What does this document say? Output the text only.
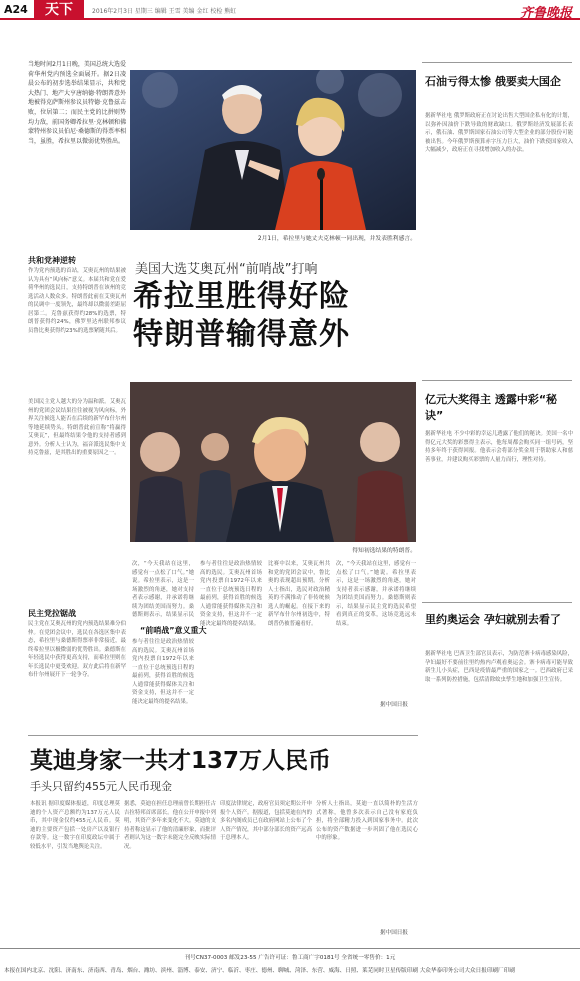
A24	天下	2016年2月3日 星期三 编辑 王雪 美编 金红 校检 熊虹	齐鲁晚报
当地时间2月1日晚，美国总统大选爱荷华州党内预选全面展开。据2日凌晨公布的初步选举结果显示，共和党大热门、地产大亨唐纳德·特朗普意外地被得克萨斯州参议员特德·克鲁兹击败，位居第二；而民主党的比拼则势均力敌，前国务卿希拉里·克林顿和佛蒙特州参议员伯尼·桑德斯的得票率相当，虽胜，希拉里以微弱优势胜出。
2月1日，希拉里与她丈夫克林顿一同出现，并发表胜利感言。
美国大选艾奥瓦州“前哨战”打响
希拉里胜得好险
特朗普输得意外
共和党神逆转
作为党内预选的首站，艾奥瓦州的结果被认为具有“风向标”意义。本届共和党在爱荷华州的选民日，支持特朗普在该州的竞选活动人数众多。特朗普此前在艾奥瓦州的民调中一度领先，最终却以微弱差距屈居第二。克鲁兹获得约28%的选票，特朗普获得约24%，佛罗里达州联邦参议员鲁比奥获得约23%的选票紧随其后。
美国民主党人越大的分为温和派。艾奥瓦州的党团会议结果往往被视为风向标，外界关注候选人能否在后续的新罕布什尔州等地延续势头。特朗普此前宣称“将赢得艾奥瓦”，但最终结果令他的支持者感到意外。分析人士认为，福音派选民集中支持克鲁兹，是其胜出的重要原因之一。
民主党拉锯战
民主党在艾奥瓦州的党内预选结果难分伯仲。在党团会议中，选民在各选区集中表态，希拉里与桑德斯得票率非常接近，最终希拉里以极微弱的优势胜出。桑德斯在年轻选民中获得更高支持，而希拉里则在年长选民中更受欢迎。双方此后将在新罕布什尔州展开下一轮争夺。
得知初选结果的特朗普。
次，“今天我站在这里，感觉有一点松了口气。”她说。希拉里表示，这是一场激烈的角逐，她对支持者表示感谢，并承诺将继续为团结美国而努力。桑德斯则表示，结果显示民
“前哨战”意义重大
参与者往往是政治热情较高的选民。艾奥瓦州首场党内投票自1972年以来一直位于总统预选日程的最前列，获得首胜的候选人通常能获得媒体关注和资金支持，但这并不一定能决定最终的提名结果。
参与者往往是政治热情较高的选民。艾奥瓦州首场党内投票自1972年以来一直位于总统预选日程的最前列，获得首胜的候选人通常能获得媒体关注和资金支持，但这并不一定能决定最终的提名结果。
比赛中以来，艾奥瓦州共和党的党团会议中，鲁比奥的表现超出预期。分析人士指出，选民对政治精英的不满推动了非传统候选人的崛起。在接下来的新罕布什尔州初选中，特朗普仍被普遍看好。
次，“今天我站在这里，感觉有一点松了口气。”她说。希拉里表示，这是一场激烈的角逐，她对支持者表示感谢，并承诺将继续为团结美国而努力。桑德斯则表示，结果显示民主党的选民希望看到真正的变革，这场竞选远未结束。
据中国日报
石油亏得太惨 俄要卖大国企
据新华社电 俄罗斯政府正在讨论出售大型国企私有化的计划，以弥补因油价下跌导致的财政缺口。俄罗斯经济发展部长表示，俄石油、俄罗斯国家石油公司等大型企业的部分股份可能被出售。今年俄罗斯预算赤字压力巨大，油价下跌使国家收入大幅减少，政府正在寻找增加收入的办法。
亿元大奖得主 透露中彩“秘诀”
据新华社电 不少中彩的幸运儿透露了他们的秘诀。美国一名中得亿元大奖的彩票得主表示，他每周都会购买同一组号码，坚持多年终于获得回报。他表示会将部分奖金用于帮助家人和慈善事业，并建议购买彩票的人量力而行，理性对待。
里约奥运会 孕妇就别去看了
据新华社电 巴西卫生部官员表示，为防范寨卡病毒感染风险，孕妇最好不要前往里约热内卢观看奥运会。寨卡病毒可能导致新生儿小头症，巴西是疫情最严重的国家之一。巴西政府已采取一系列防控措施，包括清除蚊虫孳生地和加强卫生宣传。
莫迪身家一共才137万人民币
手头只留约455元人民币现金
本报讯 据印度媒体报道，印度总理莫迪的个人资产总额约为137万元人民币，其中现金仅约455元人民币。莫迪的主要资产包括一处房产以及银行存款等。这一数字在印度政坛中属于较低水平，引发当地舆论关注。
据悉，莫迪在担任总理前曾长期担任古吉拉特邦首席部长。他在公开申报中列明，其资产多年来变化不大。莫迪的支持者称这显示了他的清廉形象，而批评者则认为这一数字未能完全反映实际情况。
印度法律规定，政府官员须定期公开申报个人资产。据报道，包括莫迪在内的多名内阁成员已在政府网站上公布了个人资产情况，其中部分部长的资产远高于总理本人。
分析人士指出，莫迪一直以简朴的生活方式著称，他曾多次表示自己没有家庭负担，将全部精力投入到国家事务中。此次公布的资产数据进一步巩固了他在选民心中的形象。
据中国日报
刊号CN37-0003 邮发23-55 广告许可证：鲁工商广字0181号 全省统一零售价：1元
本报在国内北京、沈阳、济南东、济南西、青岛、烟台、潍坊、滨州、淄博、泰安、济宁、临沂、枣庄、德州、聊城、菏泽、东营、威海、日照、莱芜同时卫星传版印刷 大众华泰印务公司大众日报印刷厂印刷
